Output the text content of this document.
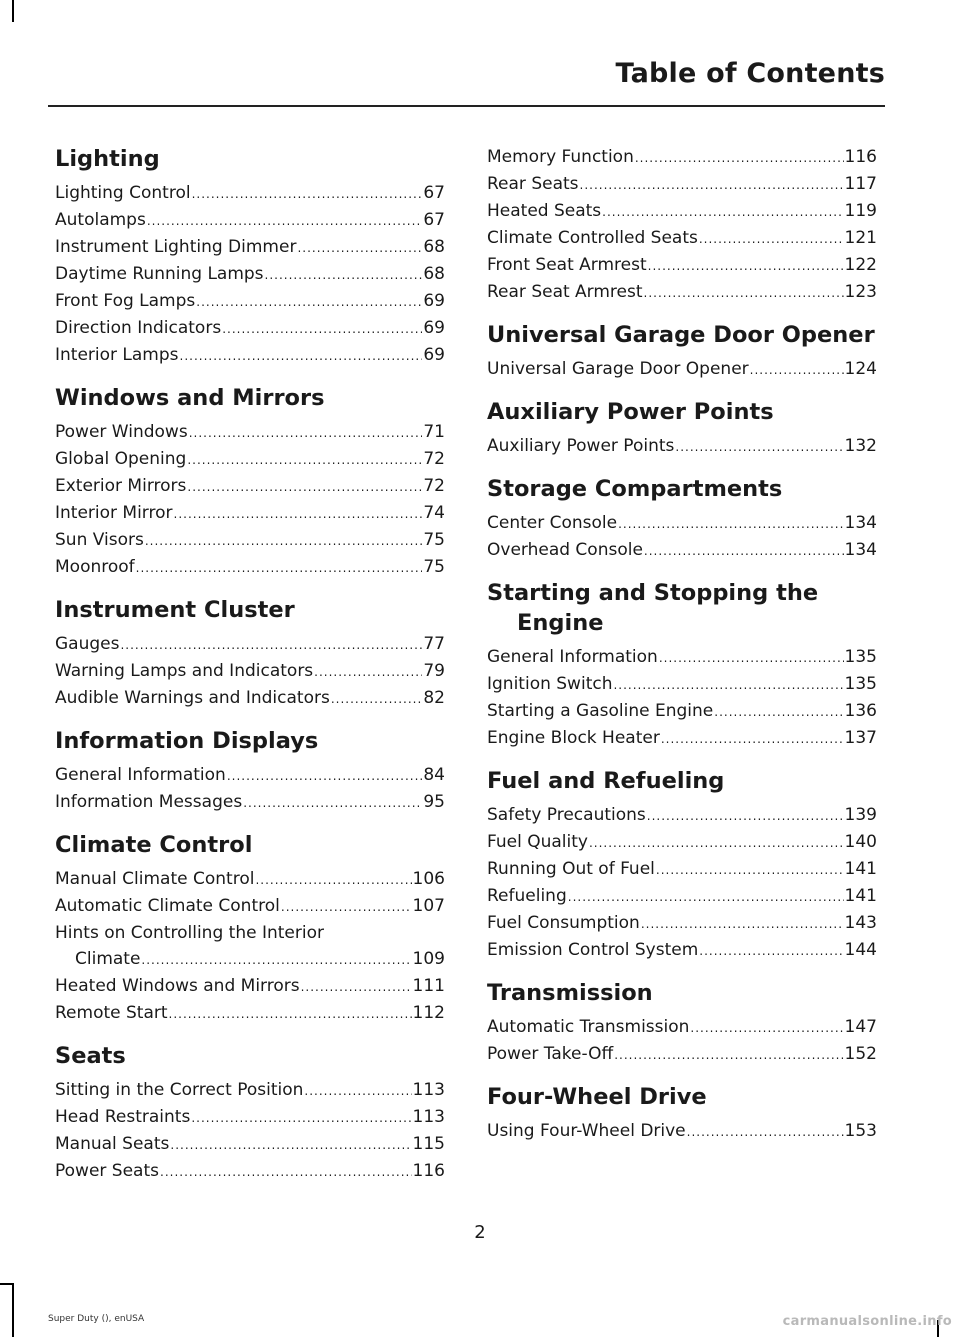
Table of Contents
Lighting
Lighting Control .....	67
Autolamps .....	67
Instrument Lighting Dimmer .....	68
Daytime Running Lamps .....	68
Front Fog Lamps .....	69
Direction Indicators .....	69
Interior Lamps .....	69
Windows and Mirrors
Power Windows .....	71
Global Opening .....	72
Exterior Mirrors .....	72
Interior Mirror .....	74
Sun Visors .....	75
Moonroof .....	75
Instrument Cluster
Gauges .....	77
Warning Lamps and Indicators .....	79
Audible Warnings and Indicators .....	82
Information Displays
General Information .....	84
Information Messages .....	95
Climate Control
Manual Climate Control .....	106
Automatic Climate Control .....	107
Hints on Controlling the Interior
Climate .....	109
Heated Windows and Mirrors .....	111
Remote Start .....	112
Seats
Sitting in the Correct Position .....	113
Head Restraints .....	113
Manual Seats .....	115
Power Seats .....	116
Memory Function .....	116
Rear Seats .....	117
Heated Seats .....	119
Climate Controlled Seats .....	121
Front Seat Armrest .....	122
Rear Seat Armrest .....	123
Universal Garage Door Opener
Universal Garage Door Opener .....	124
Auxiliary Power Points
Auxiliary Power Points .....	132
Storage Compartments
Center Console .....	134
Overhead Console .....	134
Starting and Stopping the Engine
General Information .....	135
Ignition Switch .....	135
Starting a Gasoline Engine .....	136
Engine Block Heater .....	137
Fuel and Refueling
Safety Precautions .....	139
Fuel Quality .....	140
Running Out of Fuel .....	141
Refueling .....	141
Fuel Consumption .....	143
Emission Control System .....	144
Transmission
Automatic Transmission .....	147
Power Take-Off .....	152
Four-Wheel Drive
Using Four-Wheel Drive .....	153
2
Super Duty (), enUSA	carmanualsonline.info
